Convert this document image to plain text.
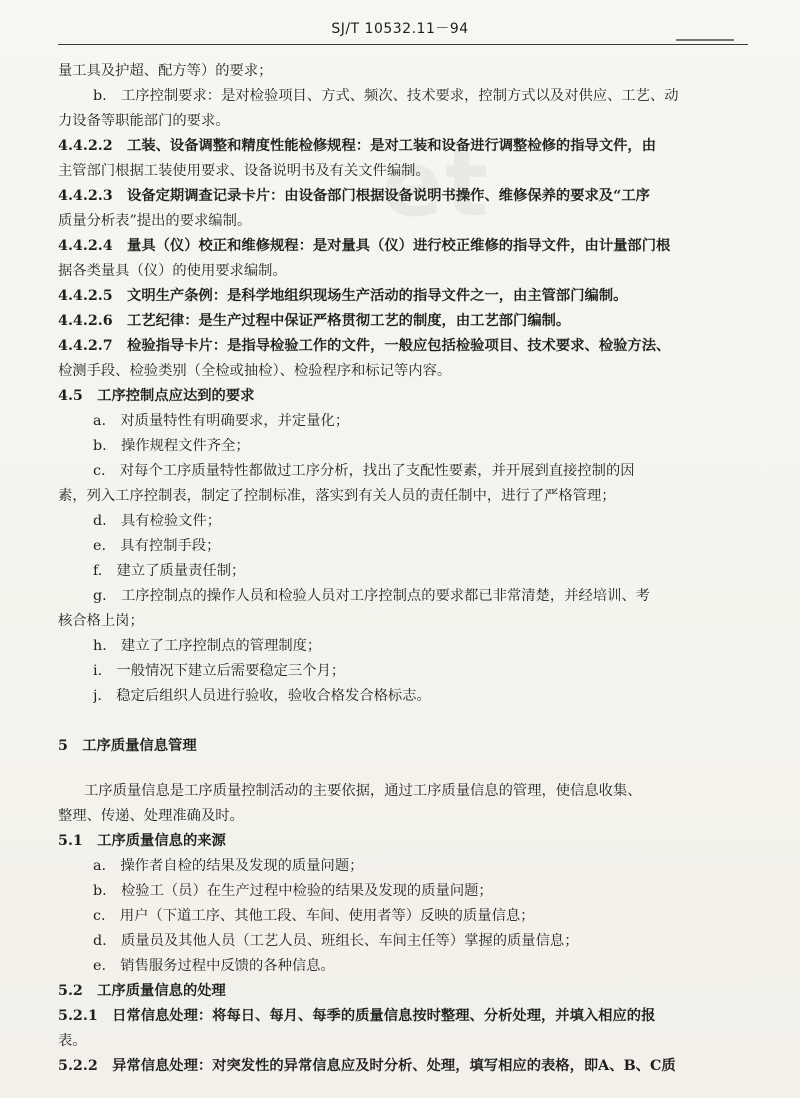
SJ/T 10532.11－94
et
量工具及护超、配方等）的要求；
b.　工序控制要求：是对检验项目、方式、频次、技术要求，控制方式以及对供应、工艺、动
力设备等职能部门的要求。
4.4.2.2　工装、设备调整和精度性能检修规程：是对工装和设备进行调整检修的指导文件，由
主管部门根据工装使用要求、设备说明书及有关文件编制。
4.4.2.3　设备定期调查记录卡片：由设备部门根据设备说明书操作、维修保养的要求及“工序
质量分析表”提出的要求编制。
4.4.2.4　量具（仪）校正和维修规程：是对量具（仪）进行校正维修的指导文件，由计量部门根
据各类量具（仪）的使用要求编制。
4.4.2.5　文明生产条例：是科学地组织现场生产活动的指导文件之一，由主管部门编制。
4.4.2.6　工艺纪律：是生产过程中保证严格贯彻工艺的制度，由工艺部门编制。
4.4.2.7　检验指导卡片：是指导检验工作的文件，一般应包括检验项目、技术要求、检验方法、
检测手段、检验类别（全检或抽检）、检验程序和标记等内容。
4.5　工序控制点应达到的要求
a.　对质量特性有明确要求，并定量化；
b.　操作规程文件齐全；
c.　对每个工序质量特性都做过工序分析，找出了支配性要素，并开展到直接控制的因
素，列入工序控制表，制定了控制标准，落实到有关人员的责任制中，进行了严格管理；
d.　具有检验文件；
e.　具有控制手段；
f.　建立了质量责任制；
g.　工序控制点的操作人员和检验人员对工序控制点的要求都已非常清楚，并经培训、考
核合格上岗；
h.　建立了工序控制点的管理制度；
i.　一般情况下建立后需要稳定三个月；
j.　稳定后组织人员进行验收，验收合格发合格标志。
5　工序质量信息管理
工序质量信息是工序质量控制活动的主要依据，通过工序质量信息的管理，使信息收集、
整理、传递、处理准确及时。
5.1　工序质量信息的来源
a.　操作者自检的结果及发现的质量问题；
b.　检验工（员）在生产过程中检验的结果及发现的质量问题；
c.　用户（下道工序、其他工段、车间、使用者等）反映的质量信息；
d.　质量员及其他人员（工艺人员、班组长、车间主任等）掌握的质量信息；
e.　销售服务过程中反馈的各种信息。
5.2　工序质量信息的处理
5.2.1　日常信息处理：将每日、每月、每季的质量信息按时整理、分析处理，并填入相应的报
表。
5.2.2　异常信息处理：对突发性的异常信息应及时分析、处理，填写相应的表格，即A、B、C质
